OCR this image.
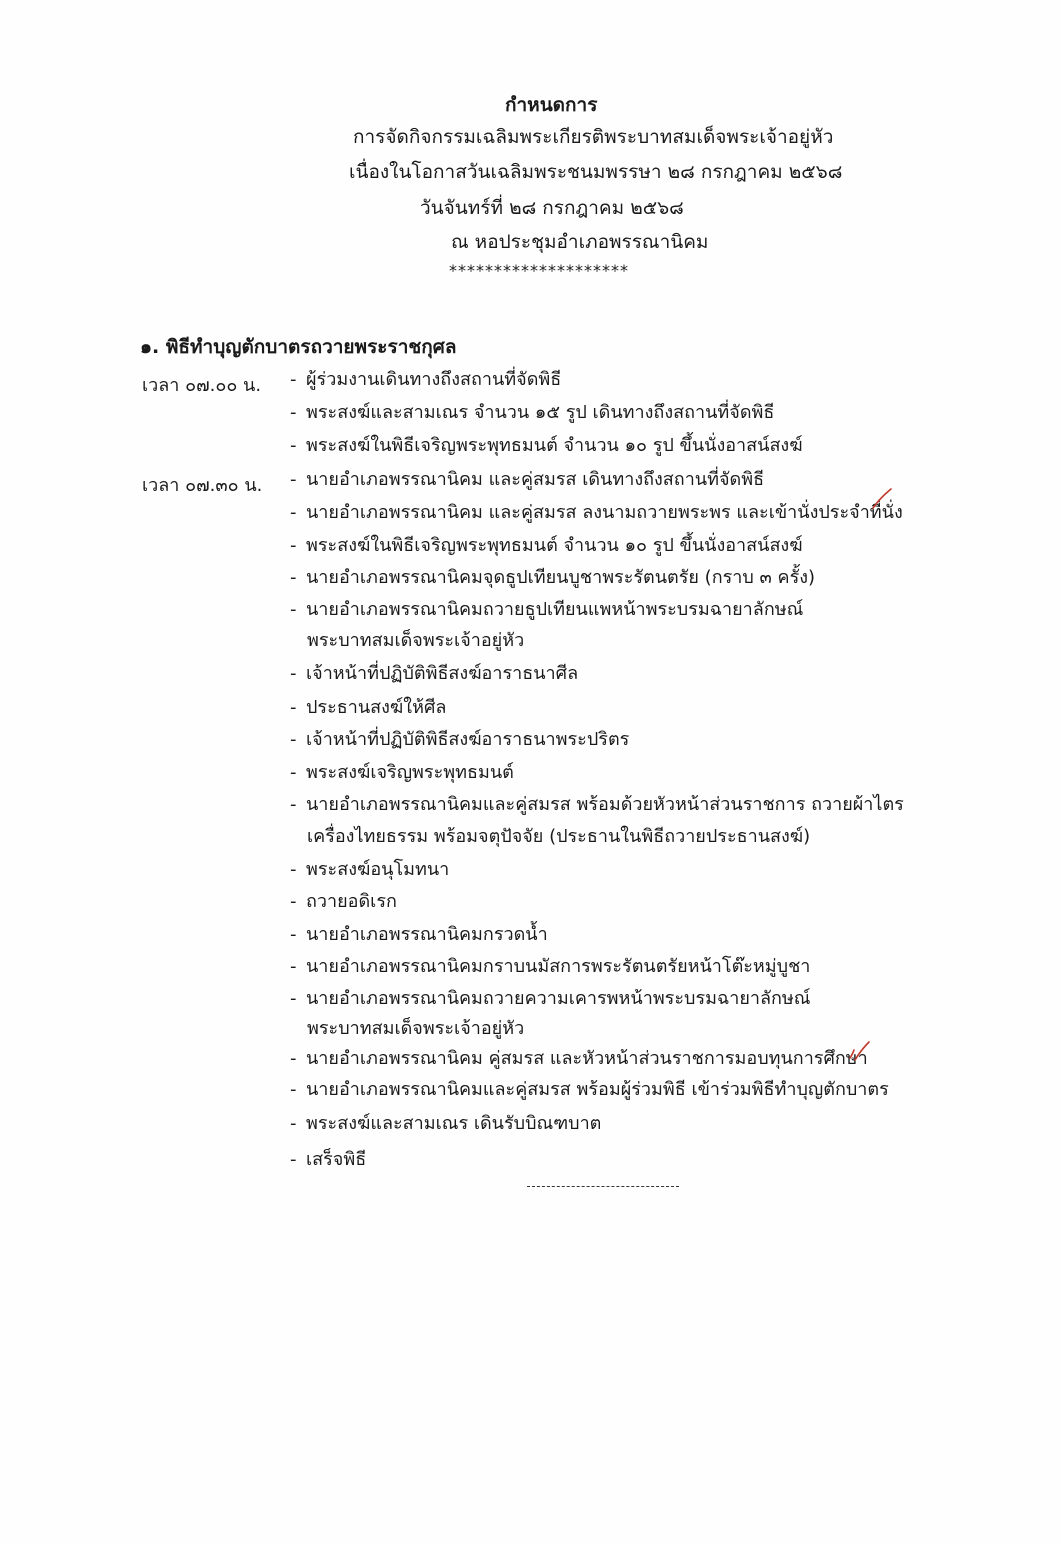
กำหนดการ
การจัดกิจกรรมเฉลิมพระเกียรติพระบาทสมเด็จพระเจ้าอยู่หัว
เนื่องในโอกาสวันเฉลิมพระชนมพรรษา ๒๘ กรกฎาคม ๒๕๖๘
วันจันทร์ที่ ๒๘ กรกฎาคม ๒๕๖๘
ณ หอประชุมอำเภอพรรณานิคม
********************
๑. พิธีทำบุญตักบาตรถวายพระราชกุศล
เวลา ๐๗.๐๐ น.
เวลา ๐๗.๓๐ น.
- ผู้ร่วมงานเดินทางถึงสถานที่จัดพิธี
- พระสงฆ์และสามเณร จำนวน ๑๕ รูป เดินทางถึงสถานที่จัดพิธี
- พระสงฆ์ในพิธีเจริญพระพุทธมนต์ จำนวน ๑๐ รูป ขึ้นนั่งอาสน์สงฆ์
- นายอำเภอพรรณานิคม และคู่สมรส เดินทางถึงสถานที่จัดพิธี
- นายอำเภอพรรณานิคม และคู่สมรส ลงนามถวายพระพร และเข้านั่งประจำที่นั่ง
- พระสงฆ์ในพิธีเจริญพระพุทธมนต์ จำนวน ๑๐ รูป ขึ้นนั่งอาสน์สงฆ์
- นายอำเภอพรรณานิคมจุดธูปเทียนบูชาพระรัตนตรัย (กราบ ๓ ครั้ง)
- นายอำเภอพรรณานิคมถวายธูปเทียนแพหน้าพระบรมฉายาลักษณ์
พระบาทสมเด็จพระเจ้าอยู่หัว
- เจ้าหน้าที่ปฏิบัติพิธีสงฆ์อาราธนาศีล
- ประธานสงฆ์ให้ศีล
- เจ้าหน้าที่ปฏิบัติพิธีสงฆ์อาราธนาพระปริตร
- พระสงฆ์เจริญพระพุทธมนต์
- นายอำเภอพรรณานิคมและคู่สมรส พร้อมด้วยหัวหน้าส่วนราชการ ถวายผ้าไตร
เครื่องไทยธรรม พร้อมจตุปัจจัย (ประธานในพิธีถวายประธานสงฆ์)
- พระสงฆ์อนุโมทนา
- ถวายอดิเรก
- นายอำเภอพรรณานิคมกรวดน้ำ
- นายอำเภอพรรณานิคมกราบนมัสการพระรัตนตรัยหน้าโต๊ะหมู่บูชา
- นายอำเภอพรรณานิคมถวายความเคารพหน้าพระบรมฉายาลักษณ์
พระบาทสมเด็จพระเจ้าอยู่หัว
- นายอำเภอพรรณานิคม คู่สมรส และหัวหน้าส่วนราชการมอบทุนการศึกษา
- นายอำเภอพรรณานิคมและคู่สมรส พร้อมผู้ร่วมพิธี เข้าร่วมพิธีทำบุญตักบาตร
- พระสงฆ์และสามเณร เดินรับบิณฑบาต
- เสร็จพิธี
